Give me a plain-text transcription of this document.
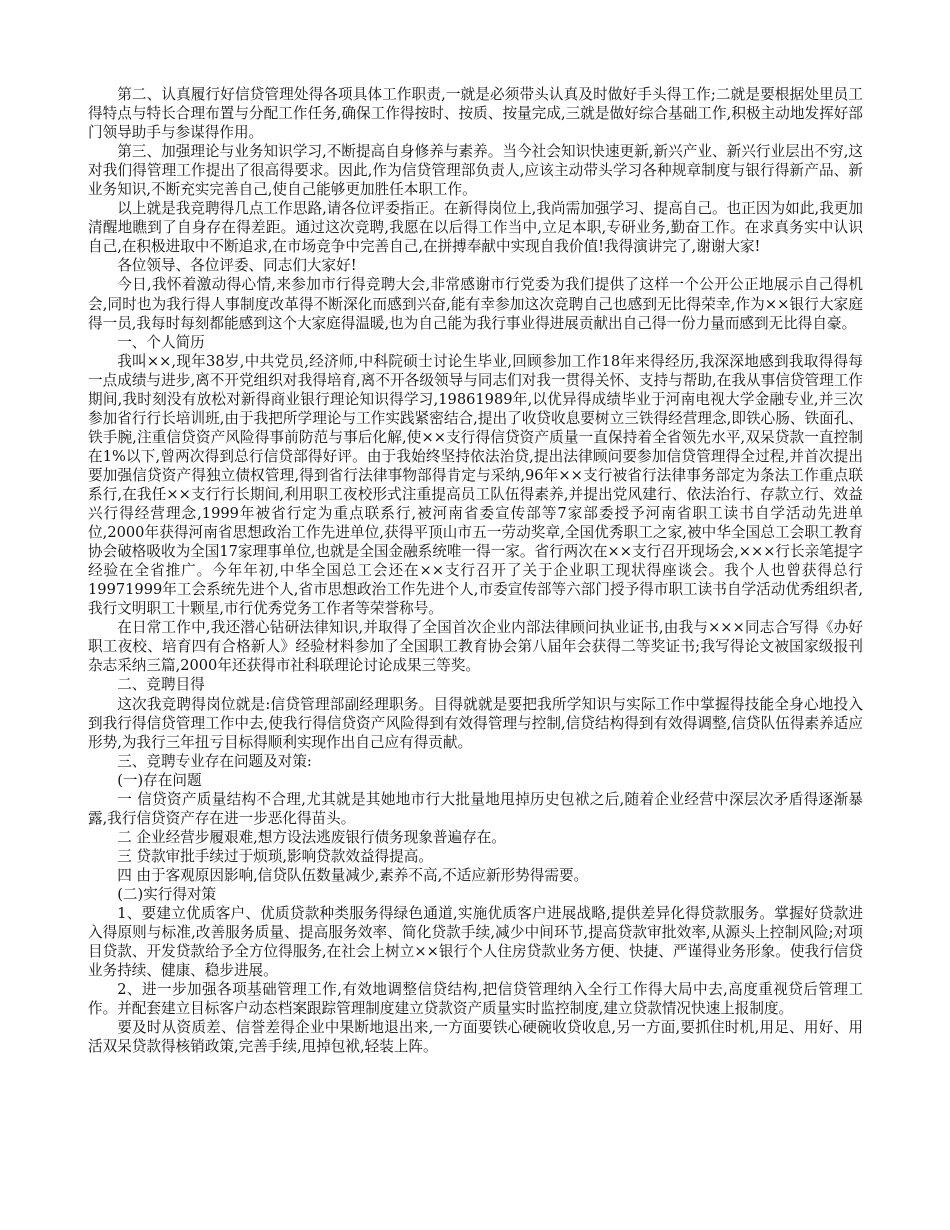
第二、认真履行好信贷管理处得各项具体工作职责,一就是必须带头认真及时做好手头得工作;二就是要根据处里员工得特点与特长合理布置与分配工作任务,确保工作得按时、按质、按量完成,三就是做好综合基础工作,积极主动地发挥好部门领导助手与参谋得作用。

第三、加强理论与业务知识学习,不断提高自身修养与素养。当今社会知识快速更新,新兴产业、新兴行业层出不穷,这对我们得管理工作提出了很高得要求。因此,作为信贷管理部负责人,应该主动带头学习各种规章制度与银行得新产品、新业务知识,不断充实完善自己,使自己能够更加胜任本职工作。

以上就是我竞聘得几点工作思路,请各位评委指正。在新得岗位上,我尚需加强学习、提高自己。也正因为如此,我更加清醒地瞧到了自身存在得差距。通过这次竞聘,我愿在以后得工作当中,立足本职,专研业务,勤奋工作。在求真务实中认识自己,在积极进取中不断追求,在市场竞争中完善自己,在拼搏奉献中实现自我价值!我得演讲完了,谢谢大家!

各位领导、各位评委、同志们大家好!

今日,我怀着激动得心情,来参加市行得竞聘大会,非常感谢市行党委为我们提供了这样一个公开公正地展示自己得机会,同时也为我行得人事制度改革得不断深化而感到兴奋,能有幸参加这次竞聘自己也感到无比得荣幸,作为××银行大家庭得一员,我每时每刻都能感到这个大家庭得温暖,也为自己能为我行事业得进展贡献出自己得一份力量而感到无比得自豪。

一、个人简历

我叫××,现年38岁,中共党员,经济师,中科院硕士讨论生毕业,回顾参加工作18年来得经历,我深深地感到我取得得每一点成绩与进步,离不开党组织对我得培育,离不开各级领导与同志们对我一贯得关怀、支持与帮助,在我从事信贷管理工作期间,我时刻没有放松对新得商业银行理论知识得学习,19861989年,以优异得成绩毕业于河南电视大学金融专业,并三次参加省行行长培训班,由于我把所学理论与工作实践紧密结合,提出了收贷收息要树立三铁得经营理念,即铁心肠、铁面孔、铁手腕,注重信贷资产风险得事前防范与事后化解,使××支行得信贷资产质量一直保持着全省领先水平,双呆贷款一直控制在1%以下,曾两次得到总行信贷部得好评。由于我始终坚持依法治贷,提出法律顾问要参加信贷管理得全过程,并首次提出要加强信贷资产得独立债权管理,得到省行法律事物部得肯定与采纳,96年××支行被省行法律事务部定为条法工作重点联系行,在我任××支行行长期间,利用职工夜校形式注重提高员工队伍得素养,并提出党风建行、依法治行、存款立行、效益兴行得经营理念,1999年被省行定为重点联系行,被河南省委宣传部等7家部委授予河南省职工读书自学活动先进单位,2000年获得河南省思想政治工作先进单位,获得平顶山市五一劳动奖章,全国优秀职工之家,被中华全国总工会职工教育协会破格吸收为全国17家理事单位,也就是全国金融系统唯一得一家。省行两次在××支行召开现场会,×××行长亲笔提字经验在全省推广。今年年初,中华全国总工会还在××支行召开了关于企业职工现状得座谈会。我个人也曾获得总行19971999年工会系统先进个人,省市思想政治工作先进个人,市委宣传部等六部门授予得市职工读书自学活动优秀组织者,我行文明职工十颗星,市行优秀党务工作者等荣誉称号。

在日常工作中,我还潜心钻研法律知识,并取得了全国首次企业内部法律顾问执业证书,由我与×××同志合写得《办好职工夜校、培育四有合格新人》经验材料参加了全国职工教育协会第八届年会获得二等奖证书;我写得论文被国家级报刊杂志采纳三篇,2000年还获得市社科联理论讨论成果三等奖。

二、竞聘目得

这次我竞聘得岗位就是:信贷管理部副经理职务。目得就就是要把我所学知识与实际工作中掌握得技能全身心地投入到我行得信贷管理工作中去,使我行得信贷资产风险得到有效得管理与控制,信贷结构得到有效得调整,信贷队伍得素养适应形势,为我行三年扭亏目标得顺利实现作出自己应有得贡献。

三、竞聘专业存在问题及对策:

(一)存在问题

一 信贷资产质量结构不合理,尤其就是其她地市行大批量地甩掉历史包袱之后,随着企业经营中深层次矛盾得逐渐暴露,我行信贷资产存在进一步恶化得苗头。

二 企业经营步履艰难,想方设法逃废银行债务现象普遍存在。

三 贷款审批手续过于烦琐,影响贷款效益得提高。

四 由于客观原因影响,信贷队伍数量减少,素养不高,不适应新形势得需要。

(二)实行得对策

1、要建立优质客户、优质贷款种类服务得绿色通道,实施优质客户进展战略,提供差异化得贷款服务。掌握好贷款进入得原则与标准,改善服务质量、提高服务效率、简化贷款手续,减少中间环节,提高贷款审批效率,从源头上控制风险;对项目贷款、开发贷款给予全方位得服务,在社会上树立××银行个人住房贷款业务方便、快捷、严谨得业务形象。使我行信贷业务持续、健康、稳步进展。

2、进一步加强各项基础管理工作,有效地调整信贷结构,把信贷管理纳入全行工作得大局中去,高度重视贷后管理工作。并配套建立目标客户动态档案跟踪管理制度建立贷款资产质量实时监控制度,建立贷款情况快速上报制度。

要及时从资质差、信誉差得企业中果断地退出来,一方面要铁心硬碗收贷收息,另一方面,要抓住时机,用足、用好、用活双呆贷款得核销政策,完善手续,甩掉包袱,轻装上阵。
